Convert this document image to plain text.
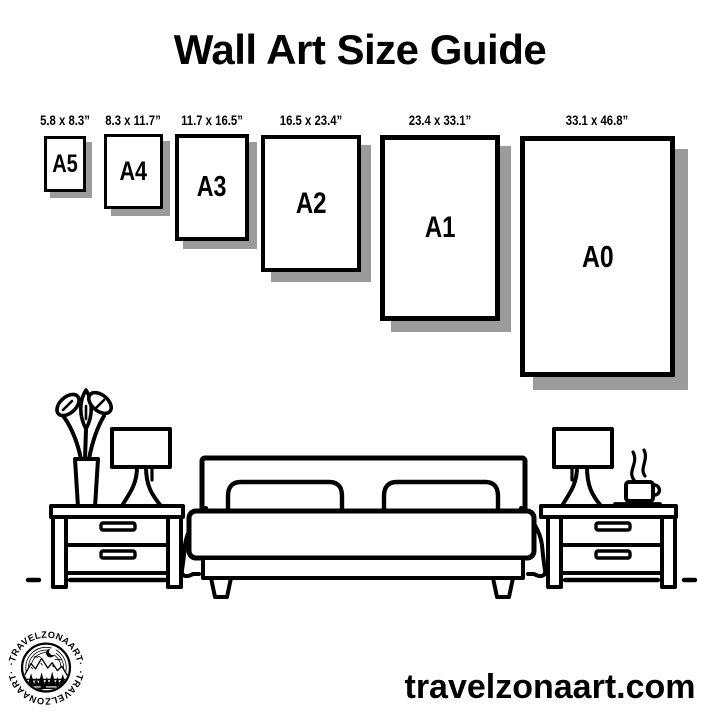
Wall Art Size Guide
5.8 x 8.3”	8.3 x 11.7”	11.7 x 16.5”	16.5 x 23.4”	23.4 x 33.1”	33.1 x 46.8”
A5 A4 A3 A2
A1
A0
·TRAVELZONAART·
·TRAVELZONAART·	travelzonaart.com
